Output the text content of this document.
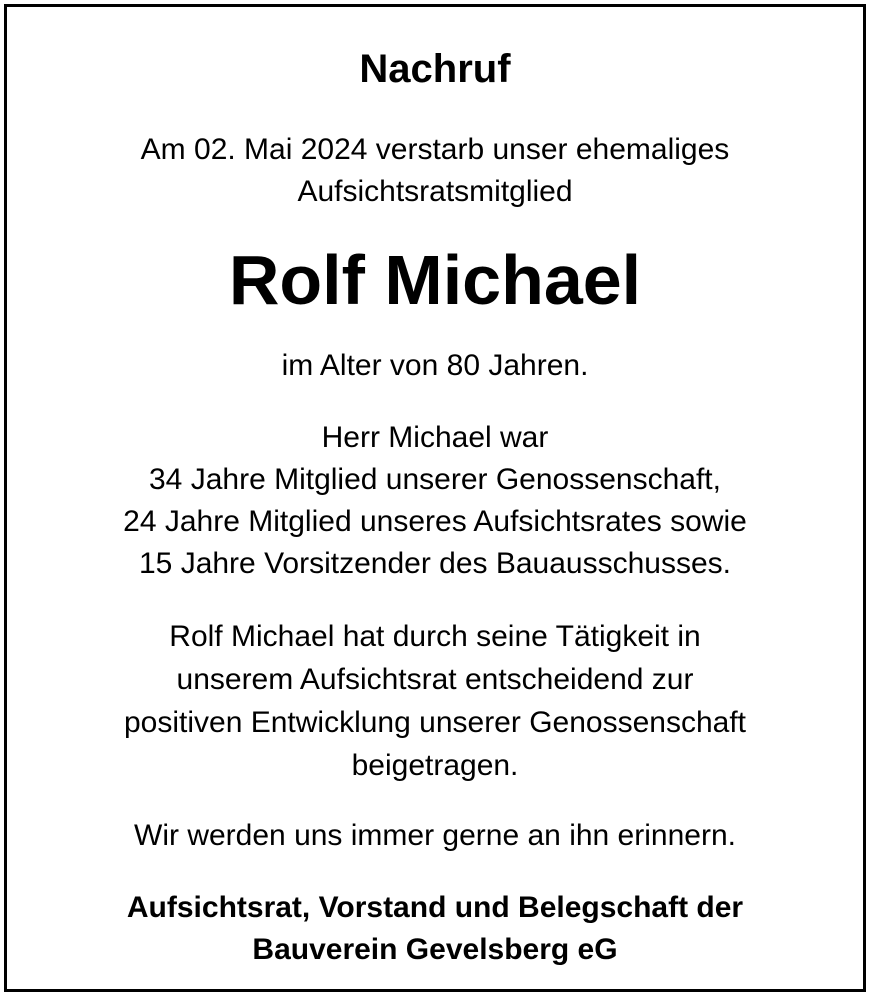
Nachruf
Am 02. Mai 2024 verstarb unser ehemaliges
Aufsichtsratsmitglied
Rolf Michael
im Alter von 80 Jahren.
Herr Michael war
34 Jahre Mitglied unserer Genossenschaft,
24 Jahre Mitglied unseres Aufsichtsrates sowie
15 Jahre Vorsitzender des Bauausschusses.
Rolf Michael hat durch seine Tätigkeit in
unserem Aufsichtsrat entscheidend zur
positiven Entwicklung unserer Genossenschaft
beigetragen.
Wir werden uns immer gerne an ihn erinnern.
Aufsichtsrat, Vorstand und Belegschaft der
Bauverein Gevelsberg eG
